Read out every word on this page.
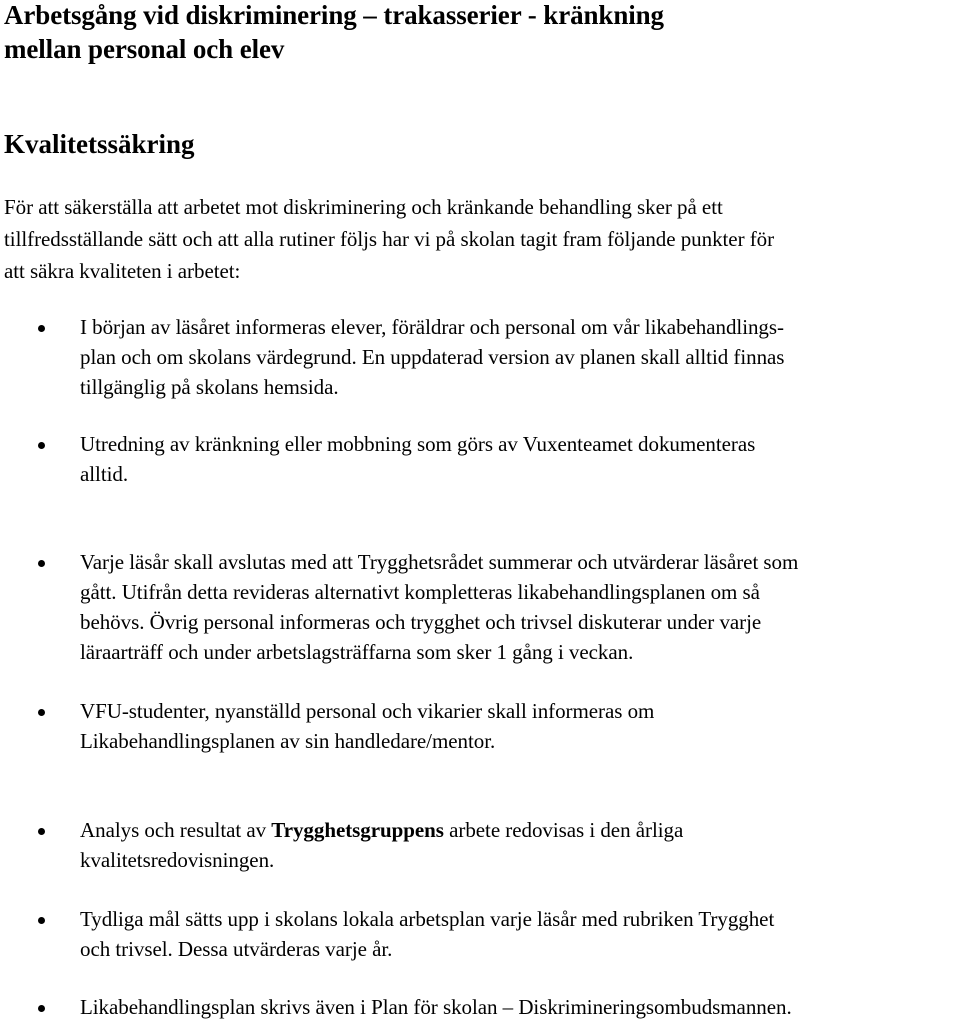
Arbetsgång vid diskriminering – trakasserier - kränkning
mellan personal och elev
Kvalitetssäkring

För att säkerställa att arbetet mot diskriminering och kränkande behandling sker på ett
tillfredsställande sätt och att alla rutiner följs har vi på skolan tagit fram följande punkter för
att säkra kvaliteten i arbetet:

I början av läsåret informeras elever, föräldrar och personal om vår likabehandlings-
plan och om skolans värdegrund. En uppdaterad version av planen skall alltid finnas
tillgänglig på skolans hemsida.

Utredning av kränkning eller mobbning som görs av Vuxenteamet dokumenteras
alltid.

Varje läsår skall avslutas med att Trygghetsrådet summerar och utvärderar läsåret som
gått. Utifrån detta revideras alternativt kompletteras likabehandlingsplanen om så
behövs. Övrig personal informeras och trygghet och trivsel diskuterar under varje
läraarträff och under arbetslagsträffarna som sker 1 gång i veckan.

VFU-studenter, nyanställd personal och vikarier skall informeras om
Likabehandlingsplanen av sin handledare/mentor.

Analys och resultat av Trygghetsgruppens arbete redovisas i den årliga
kvalitetsredovisningen.

Tydliga mål sätts upp i skolans lokala arbetsplan varje läsår med rubriken Trygghet
och trivsel. Dessa utvärderas varje år.

Likabehandlingsplan skrivs även i Plan för skolan – Diskrimineringsombudsmannen.
